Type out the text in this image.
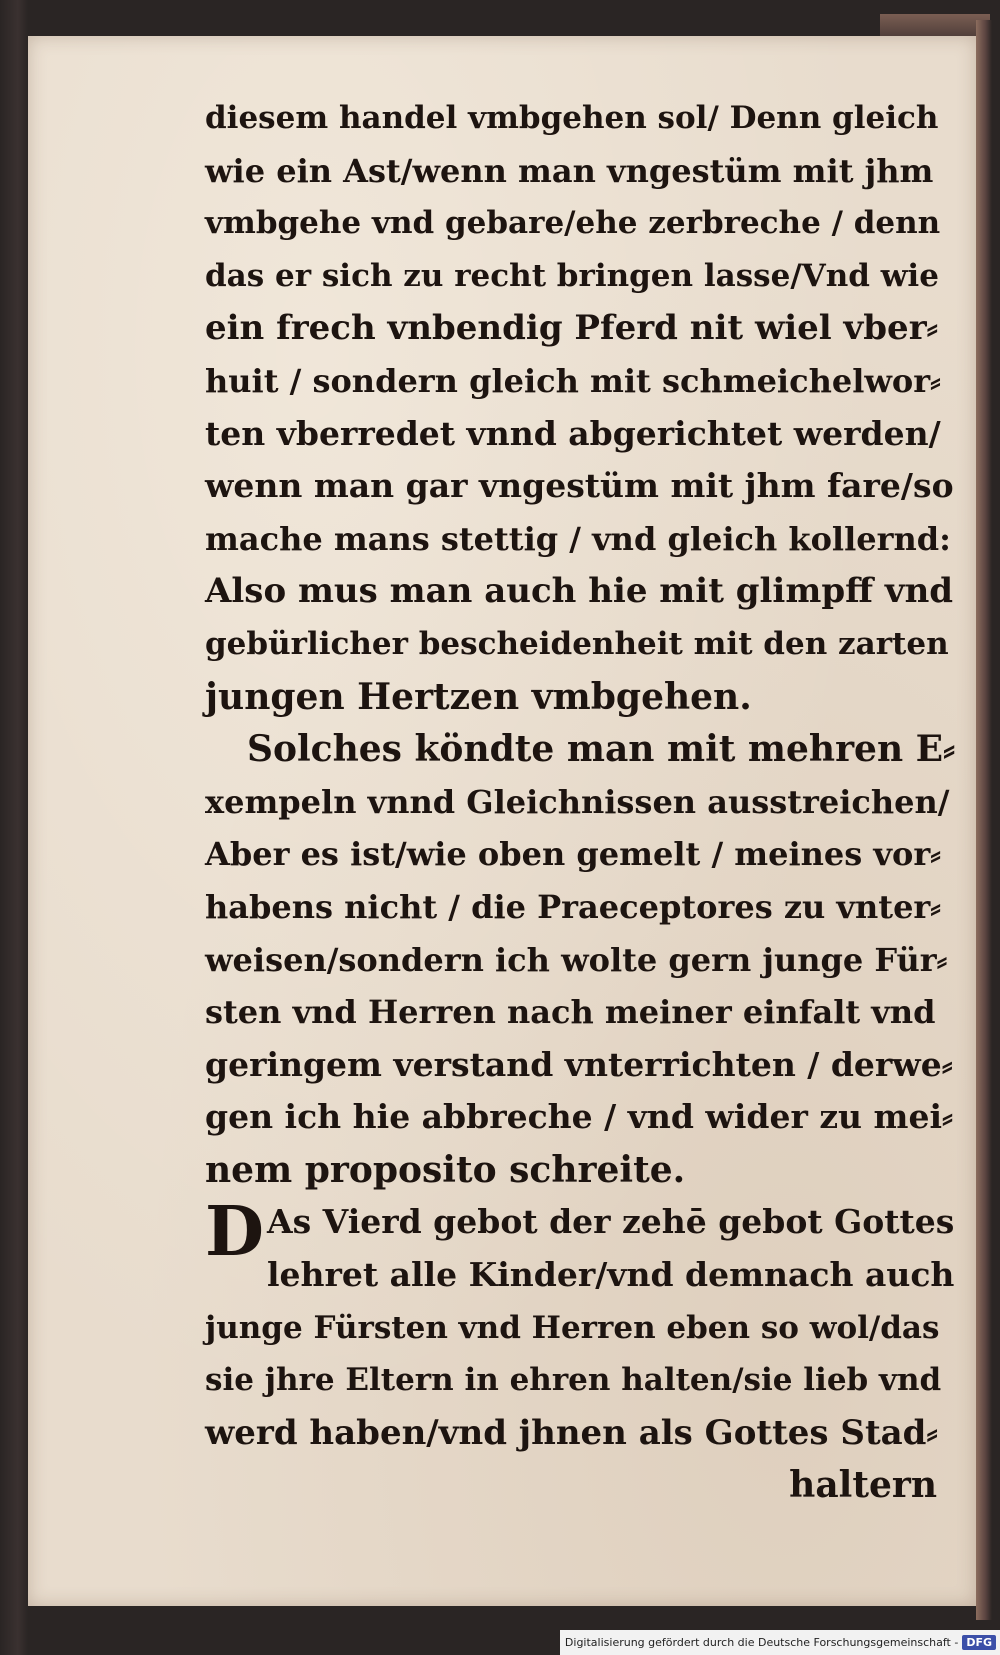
diesem handel vmbgehen sol/ Denn gleich
wie ein Ast/wenn man vngestüm mit jhm
vmbgehe vnd gebare/ehe zerbreche / denn
das er sich zu recht bringen lasse/Vnd wie
ein frech vnbendig Pferd nit wiel vber⸗
huit / sondern gleich mit schmeichelwor⸗
ten vberredet vnnd abgerichtet werden/
wenn man gar vngestüm mit jhm fare/so
mache mans stettig / vnd gleich kollernd:
Also mus man auch hie mit glimpff vnd
gebürlicher bescheidenheit mit den zarten
jungen Hertzen vmbgehen.
Solches köndte man mit mehren E⸗
xempeln vnnd Gleichnissen ausstreichen/
Aber es ist/wie oben gemelt / meines vor⸗
habens nicht / die Praeceptores zu vnter⸗
weisen/sondern ich wolte gern junge Für⸗
sten vnd Herren nach meiner einfalt vnd
geringem verstand vnterrichten / derwe⸗
gen ich hie abbreche / vnd wider zu mei⸗
nem proposito schreite.
D As Vierd gebot der zehē gebot Gottes
lehret alle Kinder/vnd demnach auch
junge Fürsten vnd Herren eben so wol/das
sie jhre Eltern in ehren halten/sie lieb vnd
werd haben/vnd jhnen als Gottes Stad⸗
haltern
Digitalisierung gefördert durch die Deutsche Forschungsgemeinschaft - DFG
